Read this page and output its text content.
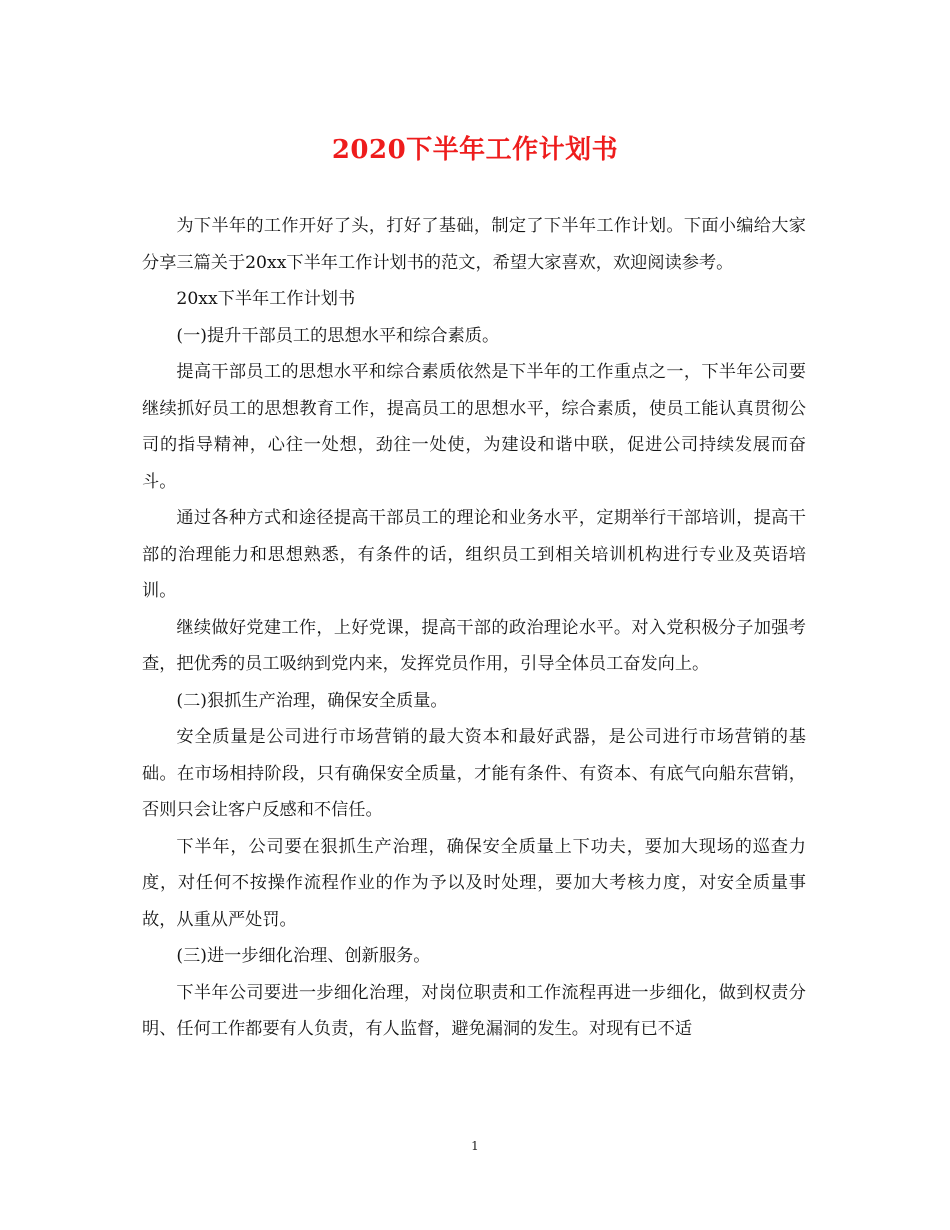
2020下半年工作计划书

为下半年的工作开好了头，打好了基础，制定了下半年工作计划。下面小编给大家分享三篇关于20xx下半年工作计划书的范文，希望大家喜欢，欢迎阅读参考。

20xx下半年工作计划书

(一)提升干部员工的思想水平和综合素质。

提高干部员工的思想水平和综合素质依然是下半年的工作重点之一，下半年公司要继续抓好员工的思想教育工作，提高员工的思想水平，综合素质，使员工能认真贯彻公司的指导精神，心往一处想，劲往一处使，为建设和谐中联，促进公司持续发展而奋斗。

通过各种方式和途径提高干部员工的理论和业务水平，定期举行干部培训，提高干部的治理能力和思想熟悉，有条件的话，组织员工到相关培训机构进行专业及英语培训。

继续做好党建工作，上好党课，提高干部的政治理论水平。对入党积极分子加强考查，把优秀的员工吸纳到党内来，发挥党员作用，引导全体员工奋发向上。

(二)狠抓生产治理，确保安全质量。

安全质量是公司进行市场营销的最大资本和最好武器，是公司进行市场营销的基础。在市场相持阶段，只有确保安全质量，才能有条件、有资本、有底气向船东营销，否则只会让客户反感和不信任。

下半年，公司要在狠抓生产治理，确保安全质量上下功夫，要加大现场的巡查力度，对任何不按操作流程作业的作为予以及时处理，要加大考核力度，对安全质量事故，从重从严处罚。

(三)进一步细化治理、创新服务。

下半年公司要进一步细化治理，对岗位职责和工作流程再进一步细化，做到权责分明、任何工作都要有人负责，有人监督，避免漏洞的发生。对现有已不适

1
